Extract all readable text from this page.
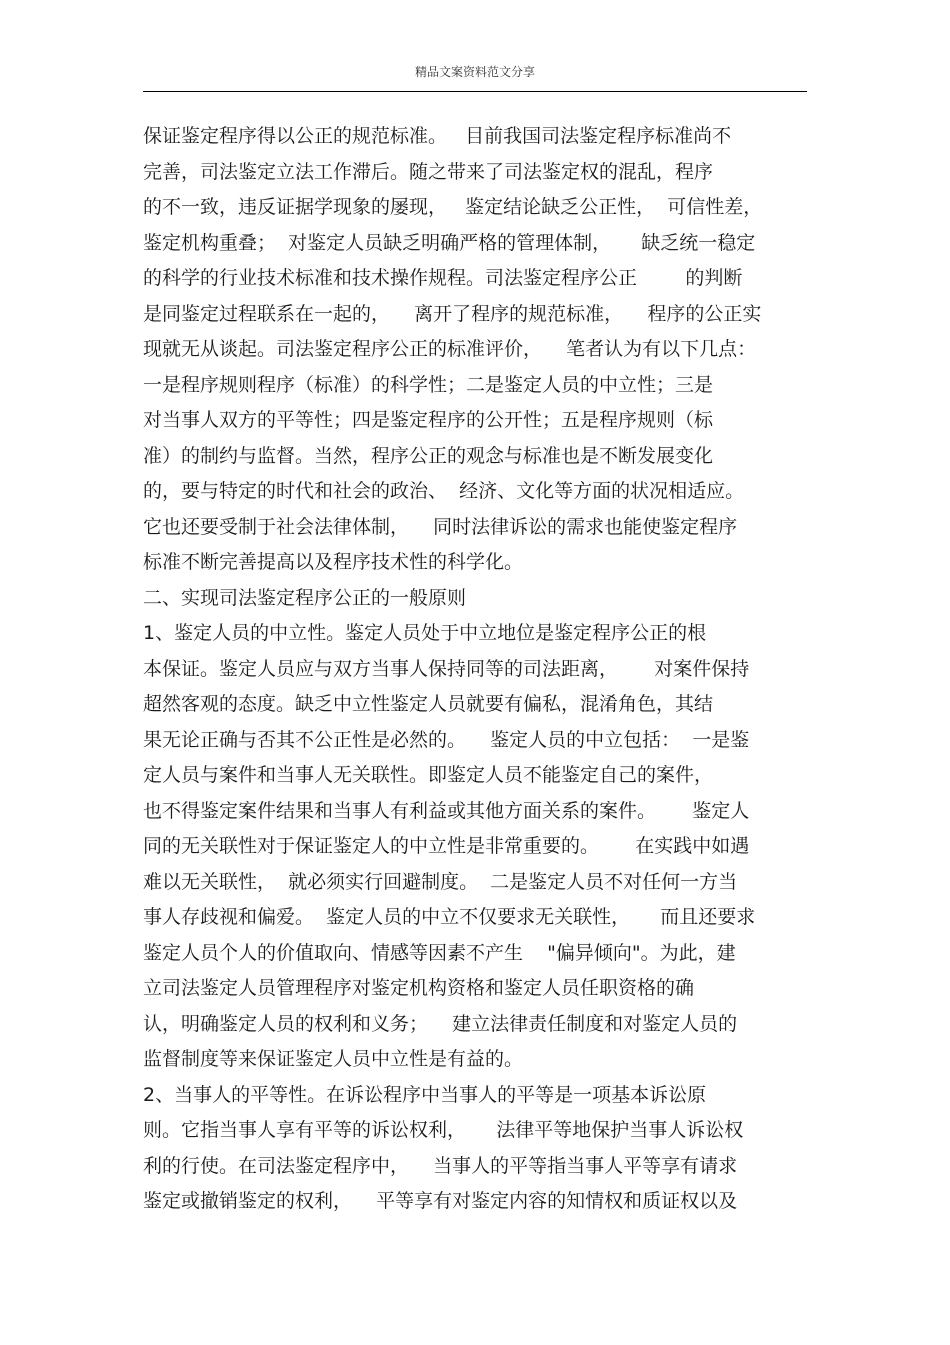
精品文案资料范文分享
保证鉴定程序得以公正的规范标准。   目前我国司法鉴定程序标准尚不
完善，司法鉴定立法工作滞后。随之带来了司法鉴定权的混乱，程序
的不一致，违反证据学现象的屡现，   鉴定结论缺乏公正性，  可信性差，
鉴定机构重叠；  对鉴定人员缺乏明确严格的管理体制，     缺乏统一稳定
的科学的行业技术标准和技术操作规程。司法鉴定程序公正        的判断
是同鉴定过程联系在一起的，    离开了程序的规范标准，    程序的公正实
现就无从谈起。司法鉴定程序公正的标准评价，    笔者认为有以下几点：
一是程序规则程序（标准）的科学性；二是鉴定人员的中立性；三是
对当事人双方的平等性；四是鉴定程序的公开性；五是程序规则（标
准）的制约与监督。当然，程序公正的观念与标准也是不断发展变化
的，要与特定的时代和社会的政治、  经济、文化等方面的状况相适应。
它也还要受制于社会法律体制，    同时法律诉讼的需求也能使鉴定程序
标准不断完善提高以及程序技术性的科学化。
二、实现司法鉴定程序公正的一般原则
1、鉴定人员的中立性。鉴定人员处于中立地位是鉴定程序公正的根
本保证。鉴定人员应与双方当事人保持同等的司法距离，      对案件保持
超然客观的态度。缺乏中立性鉴定人员就要有偏私，混淆角色，其结
果无论正确与否其不公正性是必然的。    鉴定人员的中立包括：  一是鉴
定人员与案件和当事人无关联性。即鉴定人员不能鉴定自己的案件，
也不得鉴定案件结果和当事人有利益或其他方面关系的案件。      鉴定人
同的无关联性对于保证鉴定人的中立性是非常重要的。      在实践中如遇
难以无关联性，  就必须实行回避制度。  二是鉴定人员不对任何一方当
事人存歧视和偏爱。  鉴定人员的中立不仅要求无关联性，     而且还要求
鉴定人员个人的价值取向、情感等因素不产生    "偏异倾向"。为此，建
立司法鉴定人员管理程序对鉴定机构资格和鉴定人员任职资格的确
认，明确鉴定人员的权利和义务；    建立法律责任制度和对鉴定人员的
监督制度等来保证鉴定人员中立性是有益的。
2、当事人的平等性。在诉讼程序中当事人的平等是一项基本诉讼原
则。它指当事人享有平等的诉讼权利，     法律平等地保护当事人诉讼权
利的行使。在司法鉴定程序中，    当事人的平等指当事人平等享有请求
鉴定或撤销鉴定的权利，    平等享有对鉴定内容的知情权和质证权以及
